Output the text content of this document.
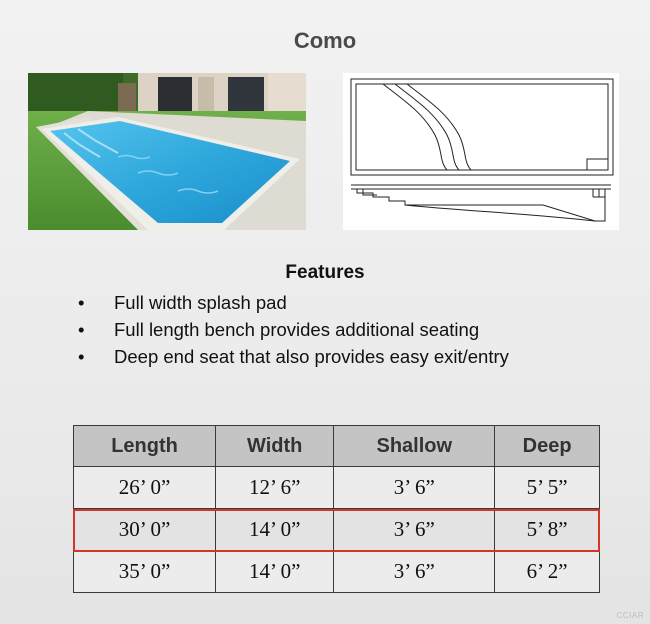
Como
Features
• Full width splash pad
• Full length bench provides additional seating
• Deep end seat that also provides easy exit/entry
Length	Width	Shallow	Deep
26’ 0”	12’ 6”	3’ 6”	5’ 5”
30’ 0”	14’ 0”	3’ 6”	5’ 8”
35’ 0”	14’ 0”	3’ 6”	6’ 2”
CCIAR
